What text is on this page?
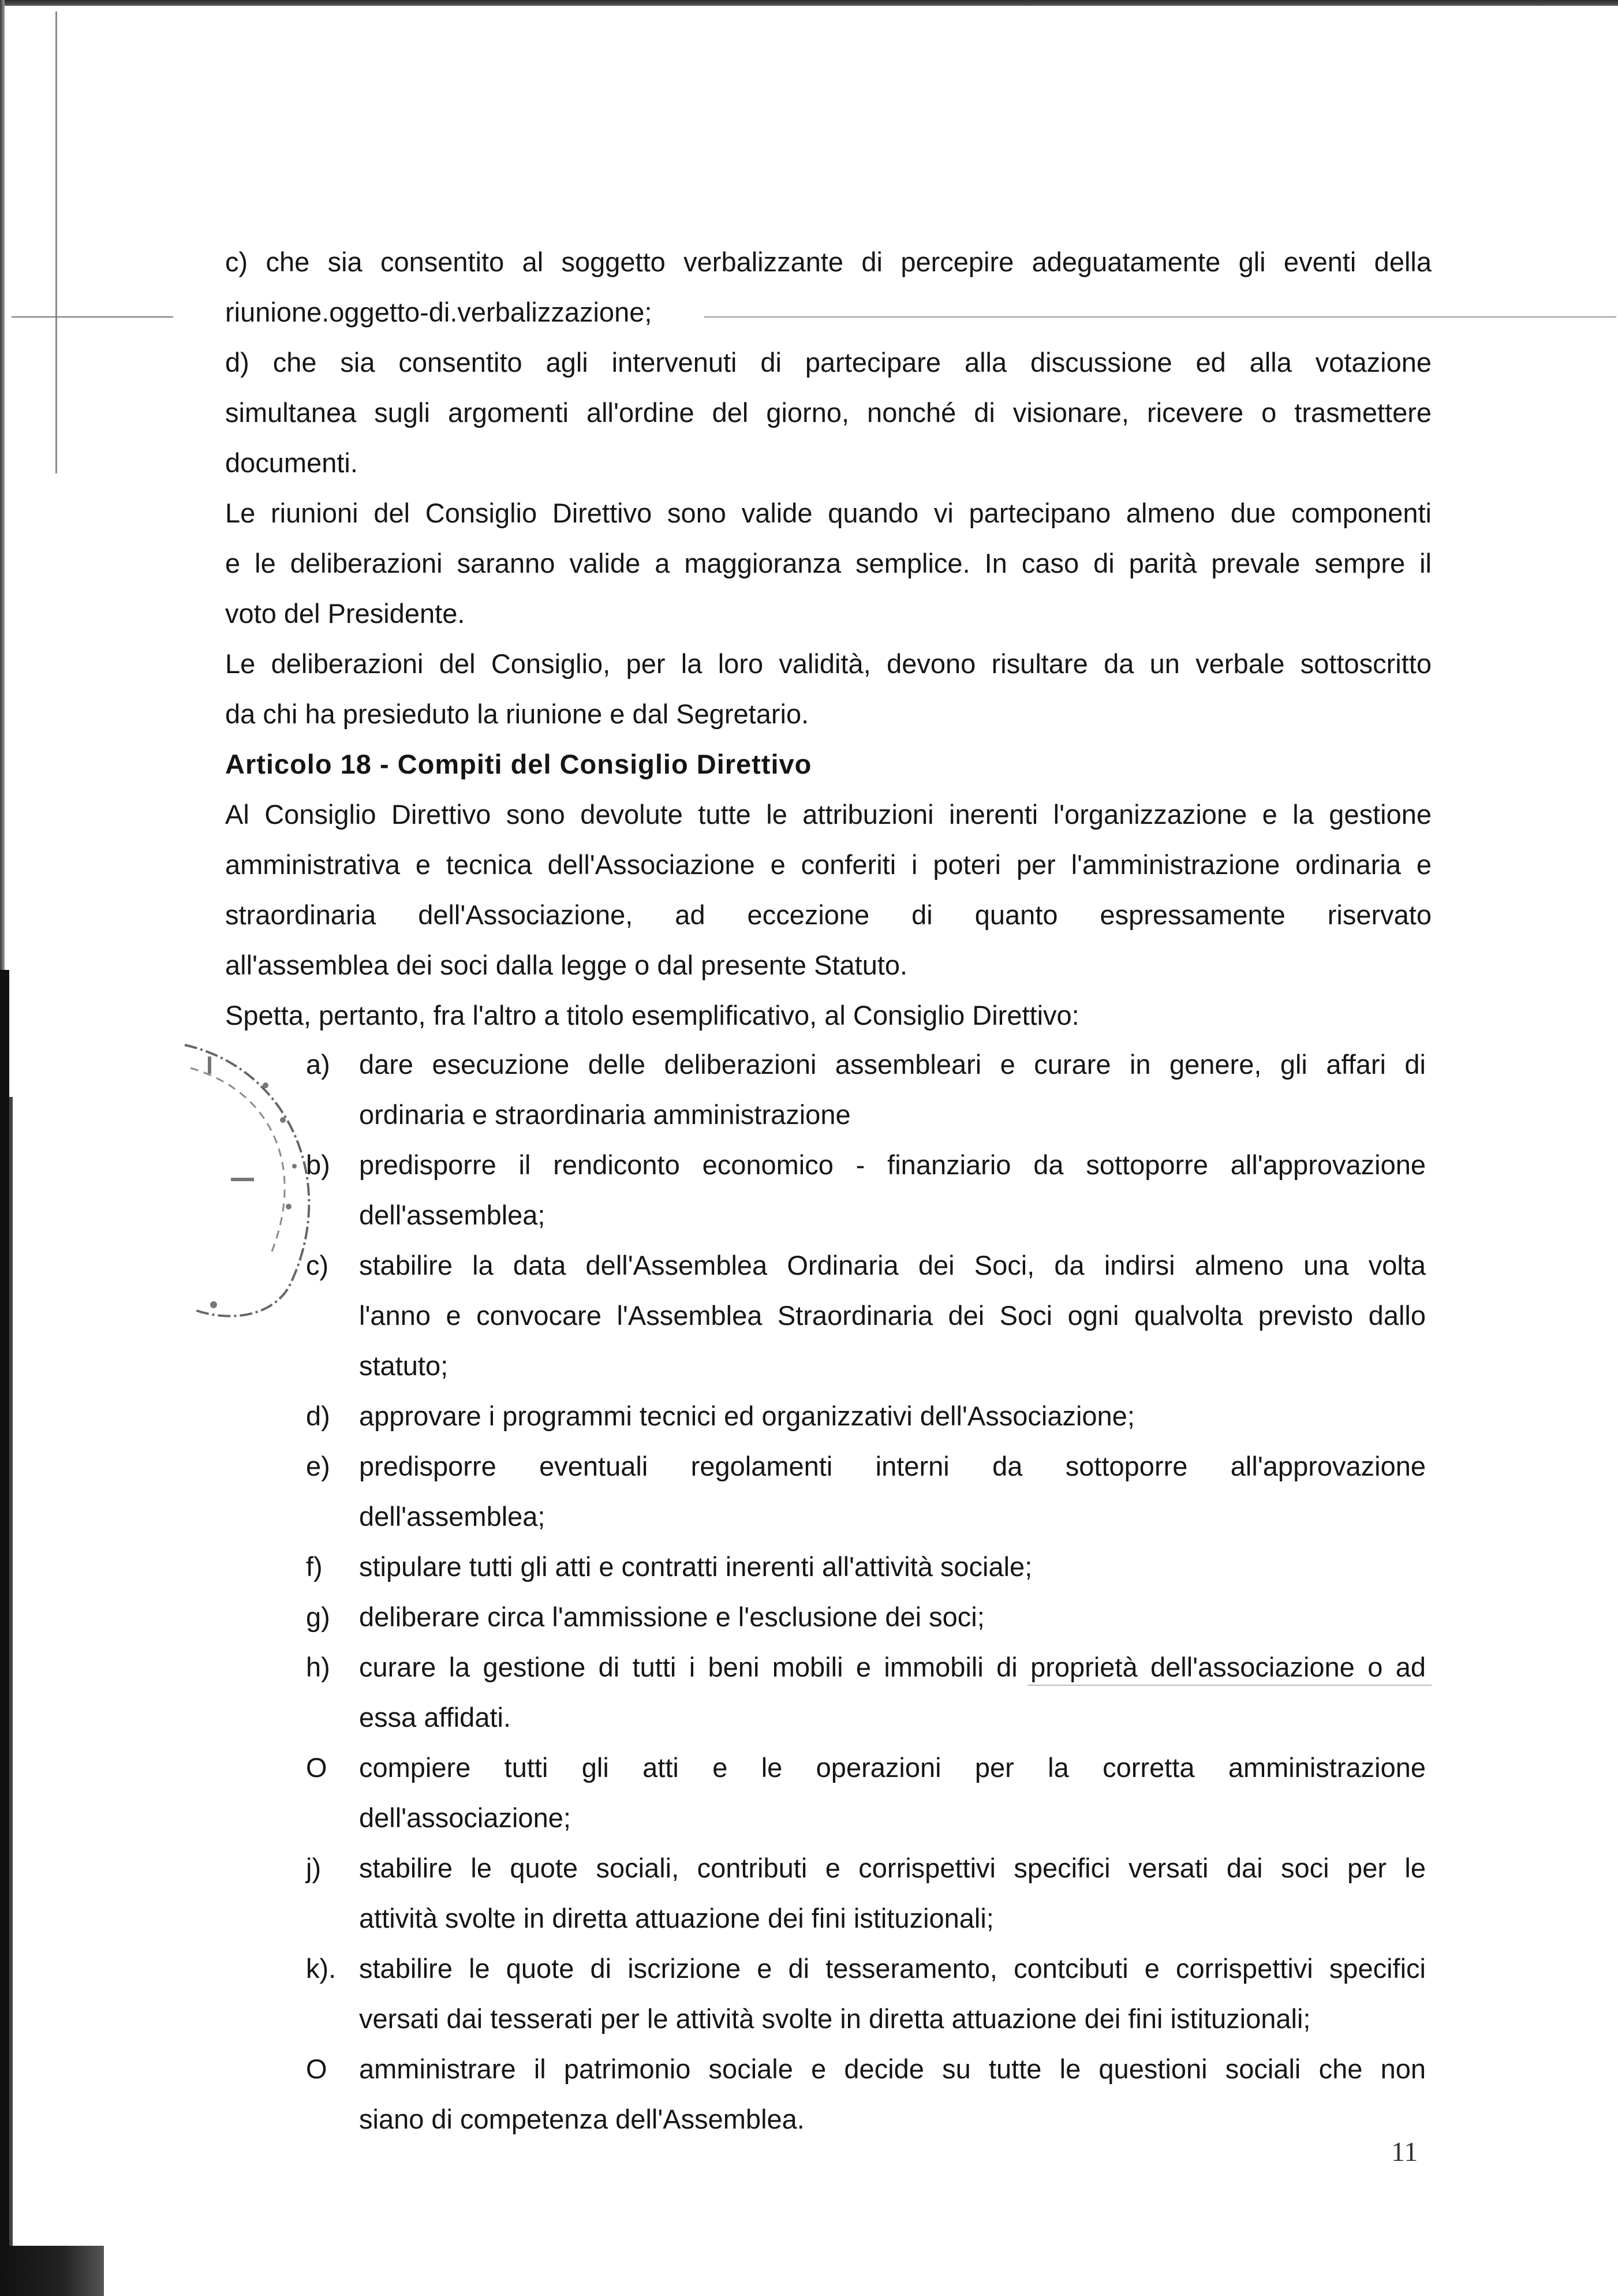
c) che sia consentito al soggetto verbalizzante di percepire adeguatamente gli eventi della
riunione.oggetto-di.verbalizzazione;
d) che sia consentito agli intervenuti di partecipare alla discussione ed alla votazione
simultanea sugli argomenti all'ordine del giorno, nonché di visionare, ricevere o trasmettere
documenti.
Le riunioni del Consiglio Direttivo sono valide quando vi partecipano almeno due componenti
e le deliberazioni saranno valide a maggioranza semplice. In caso di parità prevale sempre il
voto del Presidente.
Le deliberazioni del Consiglio, per la loro validità, devono risultare da un verbale sottoscritto
da chi ha presieduto la riunione e dal Segretario.
Articolo 18 - Compiti del Consiglio Direttivo
Al Consiglio Direttivo sono devolute tutte le attribuzioni inerenti l'organizzazione e la gestione
amministrativa e tecnica dell'Associazione e conferiti i poteri per l'amministrazione ordinaria e
straordinaria dell'Associazione, ad eccezione di quanto espressamente riservato
all'assemblea dei soci dalla legge o dal presente Statuto.
Spetta, pertanto, fra l'altro a titolo esemplificativo, al Consiglio Direttivo:
a)	dare esecuzione delle deliberazioni assembleari e curare in genere, gli affari di
ordinaria e straordinaria amministrazione
b)	predisporre il rendiconto economico - finanziario da sottoporre all'approvazione
dell'assemblea;
c)	stabilire la data dell'Assemblea Ordinaria dei Soci, da indirsi almeno una volta
l'anno e convocare l'Assemblea Straordinaria dei Soci ogni qualvolta previsto dallo
statuto;
d)	approvare i programmi tecnici ed organizzativi dell'Associazione;
e)	predisporre eventuali regolamenti interni da sottoporre all'approvazione
dell'assemblea;
f)	stipulare tutti gli atti e contratti inerenti all'attività sociale;
g)	deliberare circa l'ammissione e l'esclusione dei soci;
h)	curare la gestione di tutti i beni mobili e immobili di proprietà dell'associazione o ad
essa affidati.
O	compiere tutti gli atti e le operazioni per la corretta amministrazione
dell'associazione;
j)	stabilire le quote sociali, contributi e corrispettivi specifici versati dai soci per le
attività svolte in diretta attuazione dei fini istituzionali;
k). stabilire le quote di iscrizione e di tesseramento, contcibuti e corrispettivi specifici
versati dai tesserati per le attività svolte in diretta attuazione dei fini istituzionali;
O	amministrare il patrimonio sociale e decide su tutte le questioni sociali che non
siano di competenza dell'Assemblea.
11
